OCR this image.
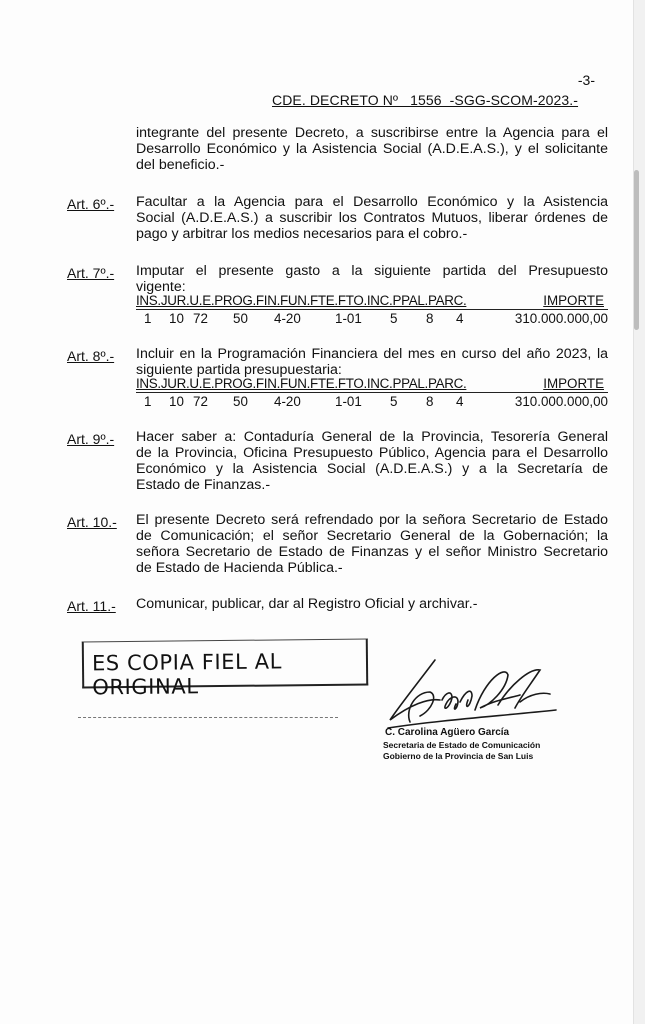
-3-
CDE. DECRETO Nº   1556  -SGG-SCOM-2023.-
integrante del presente Decreto, a suscribirse entre la Agencia para el
Desarrollo Económico y la Asistencia Social (A.D.E.A.S.), y el solicitante
del beneficio.-
Art. 6º.- Facultar a la Agencia para el Desarrollo Económico y la Asistencia
Social (A.D.E.A.S.) a suscribir los Contratos Mutuos, liberar órdenes de
pago y arbitrar los medios necesarios para el cobro.-
Art. 7º.- Imputar el presente gasto a la siguiente partida del Presupuesto
vigente:
INS.JUR.U.E.PROG.FIN.FUN.FTE.FTO.INC.PPAL.PARC.	IMPORTE
1 10 72 50 4-20	1-01 5 8 4	310.000.000,00
Art. 8º.- Incluir en la Programación Financiera del mes en curso del año 2023, la
siguiente partida presupuestaria:
INS.JUR.U.E.PROG.FIN.FUN.FTE.FTO.INC.PPAL.PARC.	IMPORTE
1 10 72 50 4-20	1-01 5 8 4	310.000.000,00
Art. 9º.- Hacer saber a: Contaduría General de la Provincia, Tesorería General
de la Provincia, Oficina Presupuesto Público, Agencia para el Desarrollo
Económico y la Asistencia Social (A.D.E.A.S.) y a la Secretaría de
Estado de Finanzas.-
Art. 10.- El presente Decreto será refrendado por la señora Secretario de Estado
de Comunicación; el señor Secretario General de la Gobernación; la
señora Secretario de Estado de Finanzas y el señor Ministro Secretario
de Estado de Hacienda Pública.-
Art. 11.- Comunicar, publicar, dar al Registro Oficial y archivar.-
ES COPIA FIEL AL ORIGINAL
C. Carolina Agüero García
Secretaria de Estado de Comunicación
Gobierno de la Provincia de San Luis
